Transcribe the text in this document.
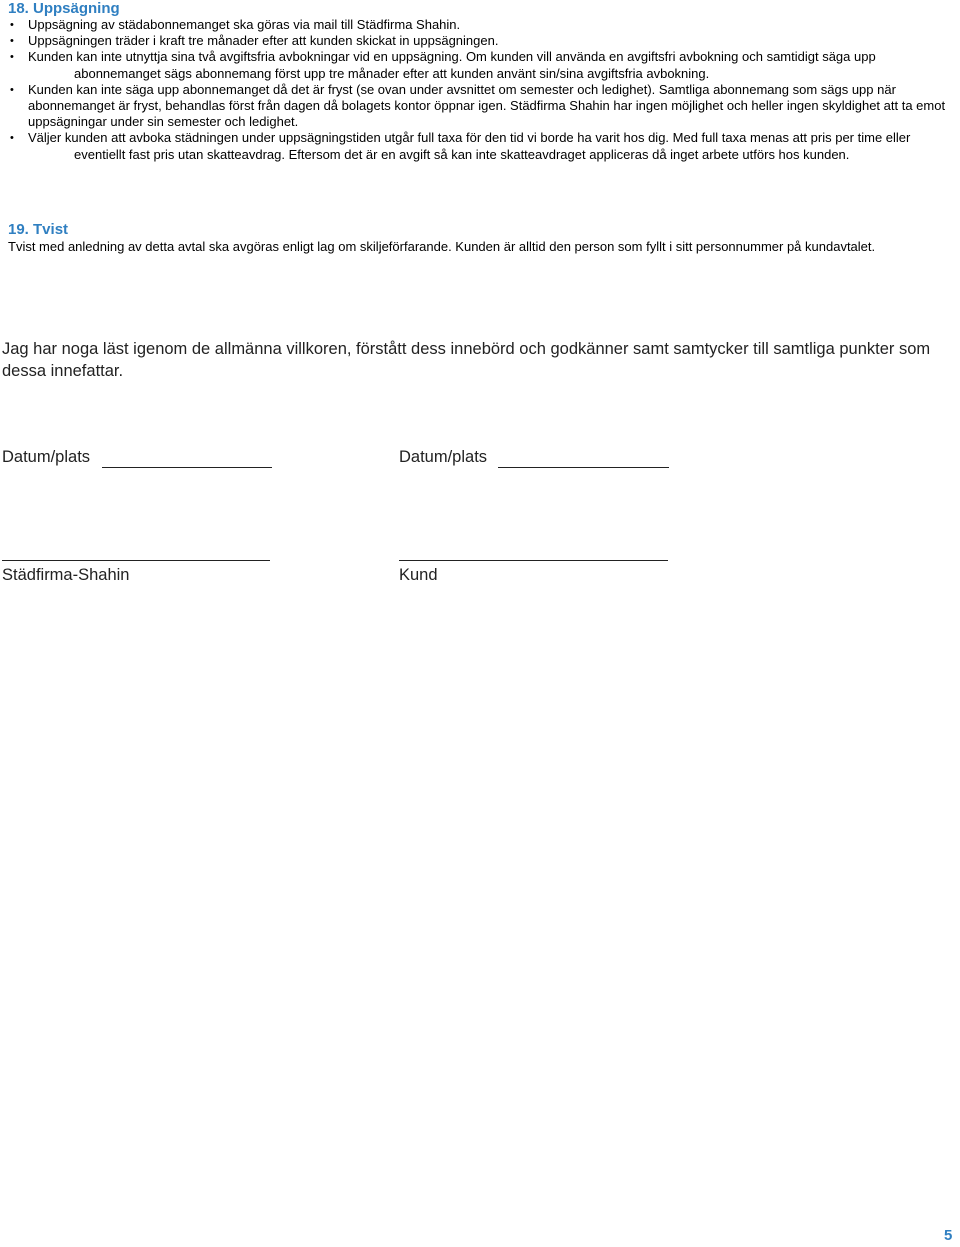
18. Uppsägning
•	Uppsägning av städabonnemanget ska göras via mail till Städfirma Shahin.
•	Uppsägningen träder i kraft tre månader efter att kunden skickat in uppsägningen.
•	Kunden kan inte utnyttja sina två avgiftsfria avbokningar vid en uppsägning. Om kunden vill använda en avgiftsfri avbokning och samtidigt säga upp abonnemanget sägs abonnemang först upp tre månader efter att kunden använt sin/sina avgiftsfria avbokning.
•	Kunden kan inte säga upp abonnemanget då det är fryst (se ovan under avsnittet om semester och ledighet). Samtliga abonnemang som sägs upp när abonnemanget är fryst, behandlas först från dagen då bolagets kontor öppnar igen. Städfirma Shahin har ingen möjlighet och heller ingen skyldighet att ta emot uppsägningar under sin semester och ledighet.
•	Väljer kunden att avboka städningen under uppsägningstiden utgår full taxa för den tid vi borde ha varit hos dig. Med full taxa menas att pris per time eller eventiellt fast pris utan skatteavdrag. Eftersom det är en avgift så kan inte skatteavdraget appliceras då inget arbete utförs hos kunden.
19. Tvist
Tvist med anledning av detta avtal ska avgöras enligt lag om skiljeförfarande. Kunden är alltid den person som fyllt i sitt personnummer på kundavtalet.
Jag har noga läst igenom de allmänna villkoren, förstått dess innebörd och godkänner samt samtycker till samtliga punkter som dessa innefattar.
Datum/plats
Städfirma-Shahin
Datum/plats
Kund
5
